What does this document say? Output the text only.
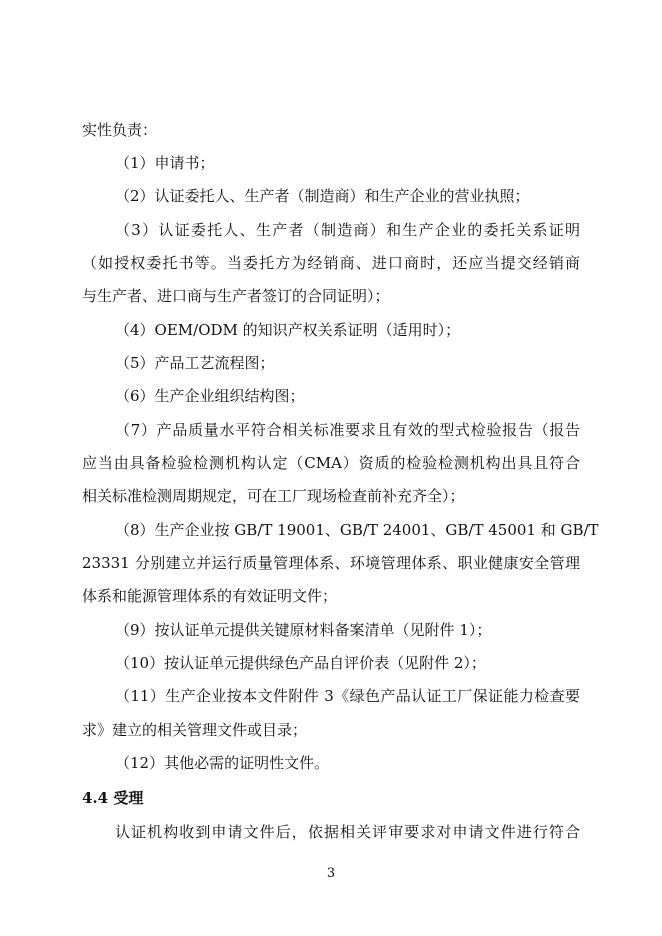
实性负责：
（1）申请书；
（2）认证委托人、生产者（制造商）和生产企业的营业执照；
（3）认证委托人、生产者（制造商）和生产企业的委托关系证明
（如授权委托书等。当委托方为经销商、进口商时，还应当提交经销商
与生产者、进口商与生产者签订的合同证明）；
（4）OEM/ODM 的知识产权关系证明（适用时）；
（5）产品工艺流程图；
（6）生产企业组织结构图；
（7）产品质量水平符合相关标准要求且有效的型式检验报告（报告
应当由具备检验检测机构认定（CMA）资质的检验检测机构出具且符合
相关标准检测周期规定，可在工厂现场检查前补充齐全）；
（8）生产企业按 GB/T 19001、GB/T 24001、GB/T 45001 和 GB/T
23331 分别建立并运行质量管理体系、环境管理体系、职业健康安全管理
体系和能源管理体系的有效证明文件；
（9）按认证单元提供关键原材料备案清单（见附件 1）；
（10）按认证单元提供绿色产品自评价表（见附件 2）；
（11）生产企业按本文件附件 3《绿色产品认证工厂保证能力检查要
求》建立的相关管理文件或目录；
（12）其他必需的证明性文件。
4.4 受理
认证机构收到申请文件后，依据相关评审要求对申请文件进行符合
3
